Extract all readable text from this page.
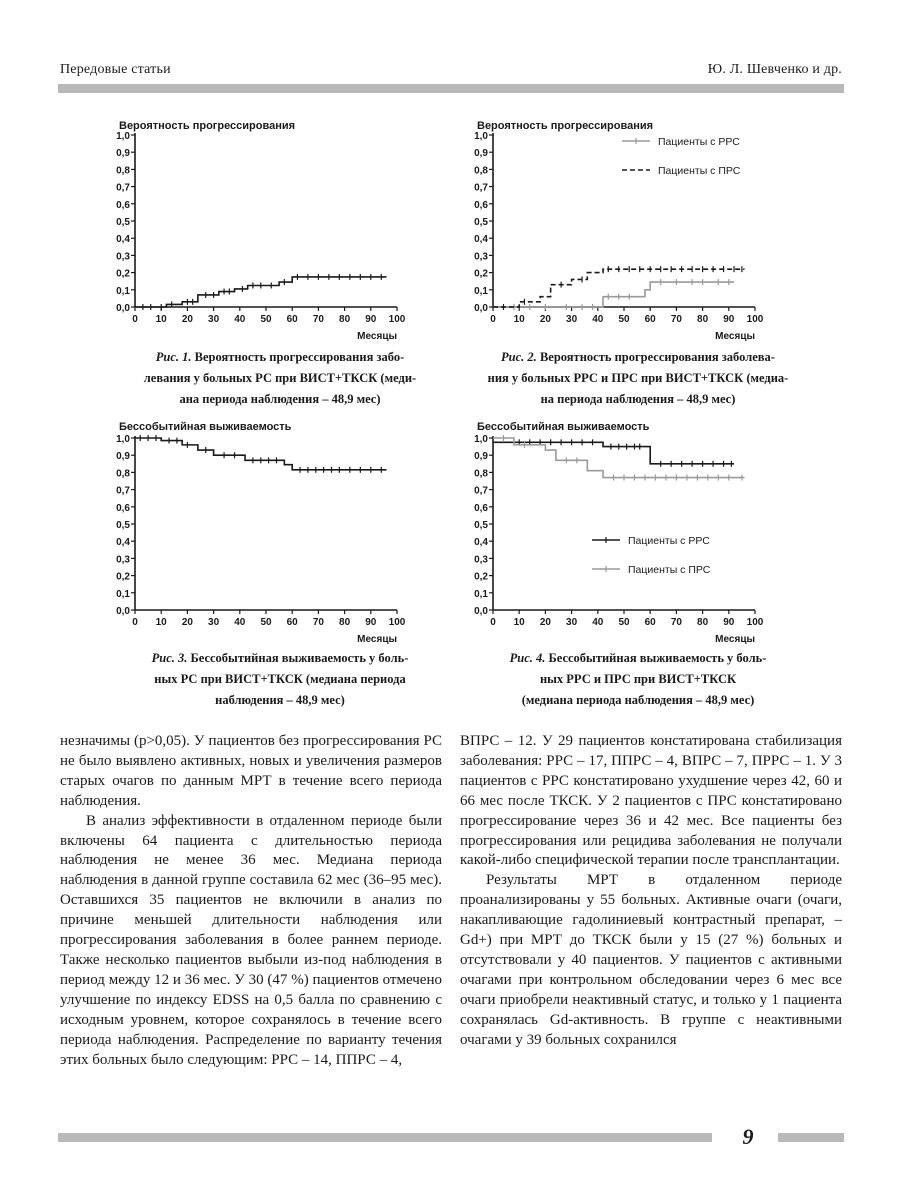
Передовые статьи	Ю. Л. Шевченко и др.
Вероятность прогрессирования
0,0
0,1
0,2
0,3
0,4
0,5
0,6
0,7
0,8
0,9
1,0
0 10 20 30 40 50 60 70 80 90 100
Месяцы
Рис. 1. Вероятность прогрессирования забо-
левания у больных РС при ВИСТ+ТКСК (меди-
ана периода наблюдения – 48,9 мес)
Вероятность прогрессирования
0,0
0,1
0,2
0,3
0,4
0,5
0,6
0,7
0,8
0,9
1,0
0 10 20 30 40 50 60 70 80 90 100
Месяцы
Пациенты с РРС
Пациенты с ПРС
Рис. 2. Вероятность прогрессирования заболева-
ния у больных РРС и ПРС при ВИСТ+ТКСК (медиа-
на периода наблюдения – 48,9 мес)
Бессобытийная выживаемость
0,0
0,1
0,2
0,3
0,4
0,5
0,6
0,7
0,8
0,9
1,0
0 10 20 30 40 50 60 70 80 90 100
Месяцы
Рис. 3. Бессобытийная выживаемость у боль-
ных РС при ВИСТ+ТКСК (медиана периода
наблюдения – 48,9 мес)
Бессобытийная выживаемость
0,0
0,1
0,2
0,3
0,4
0,5
0,6
0,7
0,8
0,9
1,0
0 10 20 30 40 50 60 70 80 90 100
Месяцы
Пациенты с РРС
Пациенты с ПРС
Рис. 4. Бессобытийная выживаемость у боль-
ных РРС и ПРС при ВИСТ+ТКСК
(медиана периода наблюдения – 48,9 мес)

незначимы (p>0,05). У пациентов без прогрессирования РС не было выявлено активных, новых и увеличения размеров старых очагов по данным МРТ в течение всего периода наблюдения.

В анализ эффективности в отдаленном периоде были включены 64 пациента с длительностью периода наблюдения не менее 36 мес. Медиана периода наблюдения в данной группе составила 62 мес (36–95 мес). Оставшихся 35 пациентов не включили в анализ по причине меньшей длительности наблюдения или прогрессирования заболевания в более раннем периоде. Также несколько пациентов выбыли из-под наблюдения в период между 12 и 36 мес. У 30 (47 %) пациентов отмечено улучшение по индексу EDSS на 0,5 балла по сравнению с исходным уровнем, которое сохранялось в течение всего периода наблюдения. Распределение по варианту течения этих больных было следующим: РРС – 14, ППРС – 4,

ВПРС – 12. У 29 пациентов констатирована стабилизация заболевания: РРС – 17, ППРС – 4, ВПРС – 7, ПРРС – 1. У 3 пациентов с РРС констатировано ухудшение через 42, 60 и 66 мес после ТКСК. У 2 пациентов с ПРС констатировано прогрессирование через 36 и 42 мес. Все пациенты без прогрессирования или рецидива заболевания не получали какой-либо специфической терапии после трансплантации.

Результаты МРТ в отдаленном периоде проанализированы у 55 больных. Активные очаги (очаги, накапливающие гадолиниевый контрастный препарат, – Gd+) при МРТ до ТКСК были у 15 (27 %) больных и отсутствовали у 40 пациентов. У пациентов с активными очагами при контрольном обследовании через 6 мес все очаги приобрели неактивный статус, и только у 1 пациента сохранялась Gd-активность. В группе с неактивными очагами у 39 больных сохранился

9
